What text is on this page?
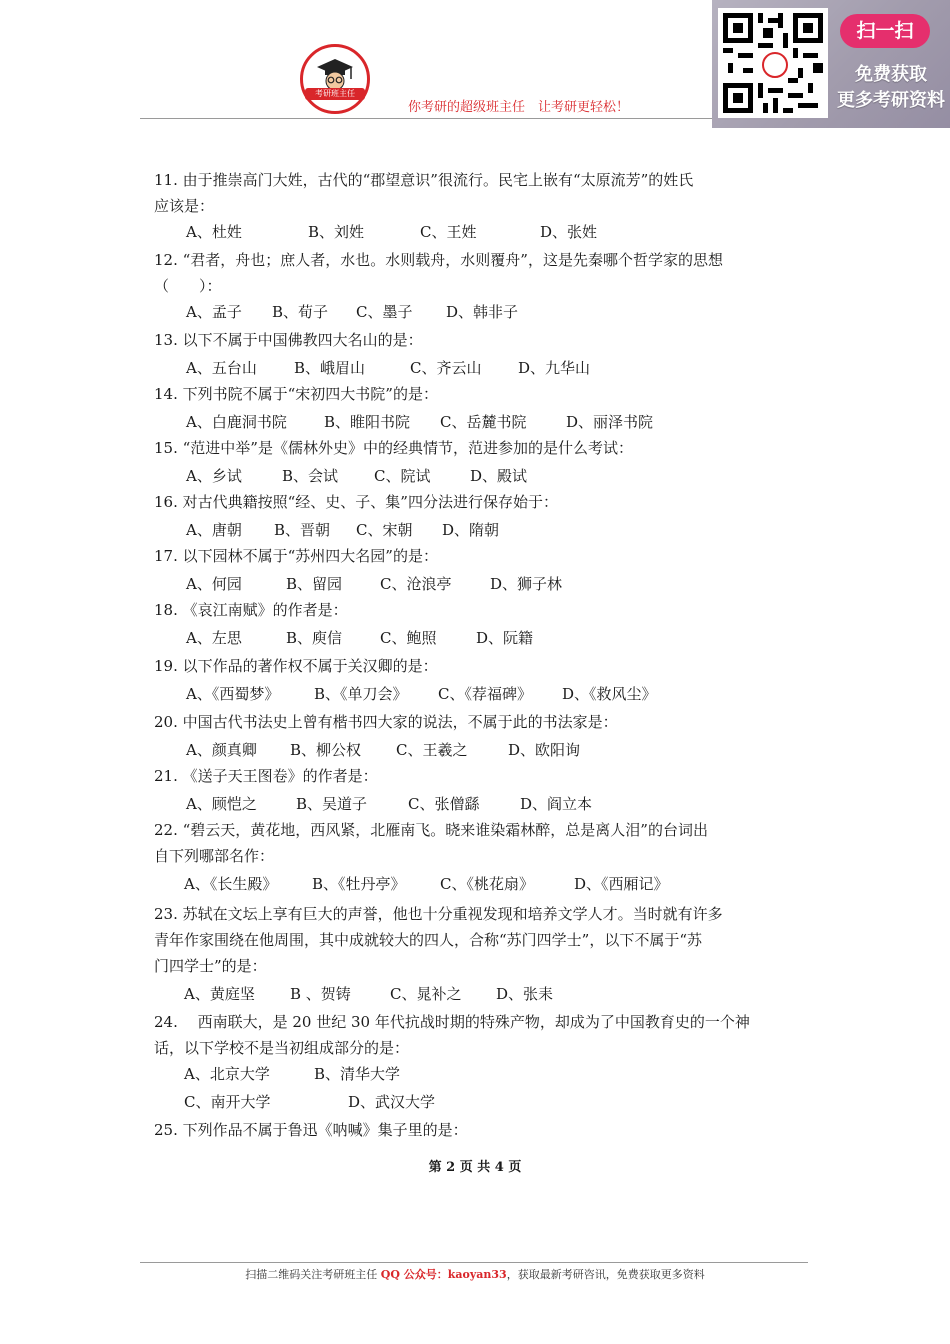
考研班主任
你考研的超级班主任　让考研更轻松！
扫一扫
免费获取
更多考研资料
11. 由于推崇高门大姓，古代的“郡望意识”很流行。民宅上嵌有“太原流芳”的姓氏
应该是：
A、杜姓	B、刘姓	C、王姓	D、张姓
12. “君者，舟也；庶人者，水也。水则载舟，水则覆舟”，这是先秦哪个哲学家的思想
（　　）：
A、孟子 B、荀子 C、墨子 D、韩非子
13. 以下不属于中国佛教四大名山的是：
A、五台山 B、峨眉山	C、齐云山 D、九华山
14. 下列书院不属于“宋初四大书院”的是：
A、白鹿洞书院 B、睢阳书院 C、岳麓书院	D、丽泽书院
15. “范进中举”是《儒林外史》中的经典情节，范进参加的是什么考试：
A、乡试	B、会试 C、院试	D、殿试
16. 对古代典籍按照“经、史、子、集”四分法进行保存始于：
A、唐朝 B、晋朝 C、宋朝 D、隋朝
17. 以下园林不属于“苏州四大名园”的是：
A、何园	B、留园	C、沧浪亭	D、狮子林
18. 《哀江南赋》的作者是：
A、左思	B、庾信	C、鲍照	D、阮籍
19. 以下作品的著作权不属于关汉卿的是：
A、《西蜀梦》 B、《单刀会》 C、《荐福碑》 D、《救风尘》
20. 中国古代书法史上曾有楷书四大家的说法，不属于此的书法家是：
A、颜真卿 B、柳公权 C、王羲之	D、欧阳询
21. 《送子天王图卷》的作者是：
A、顾恺之	B、吴道子	C、张僧繇	D、阎立本
22. “碧云天，黄花地，西风紧，北雁南飞。晓来谁染霜林醉，总是离人泪”的台词出
自下列哪部名作：
A、《长生殿》 B、《牡丹亭》 C、《桃花扇》	D、《西厢记》
23. 苏轼在文坛上享有巨大的声誉，他也十分重视发现和培养文学人才。当时就有许多
青年作家围绕在他周围，其中成就较大的四人，合称“苏门四学士”，以下不属于“苏
门四学士”的是：
A、黄庭坚 B 、贺铸	C、晁补之 D、张耒
24. 　西南联大，是 20 世纪 30 年代抗战时期的特殊产物，却成为了中国教育史的一个神
话，以下学校不是当初组成部分的是：
A、北京大学	B、清华大学
C、南开大学	D、武汉大学
25. 下列作品不属于鲁迅《呐喊》集子里的是：
第 2 页 共 4 页
扫描二维码关注考研班主任 QQ 公众号：kaoyan33，获取最新考研咨讯，免费获取更多资料
